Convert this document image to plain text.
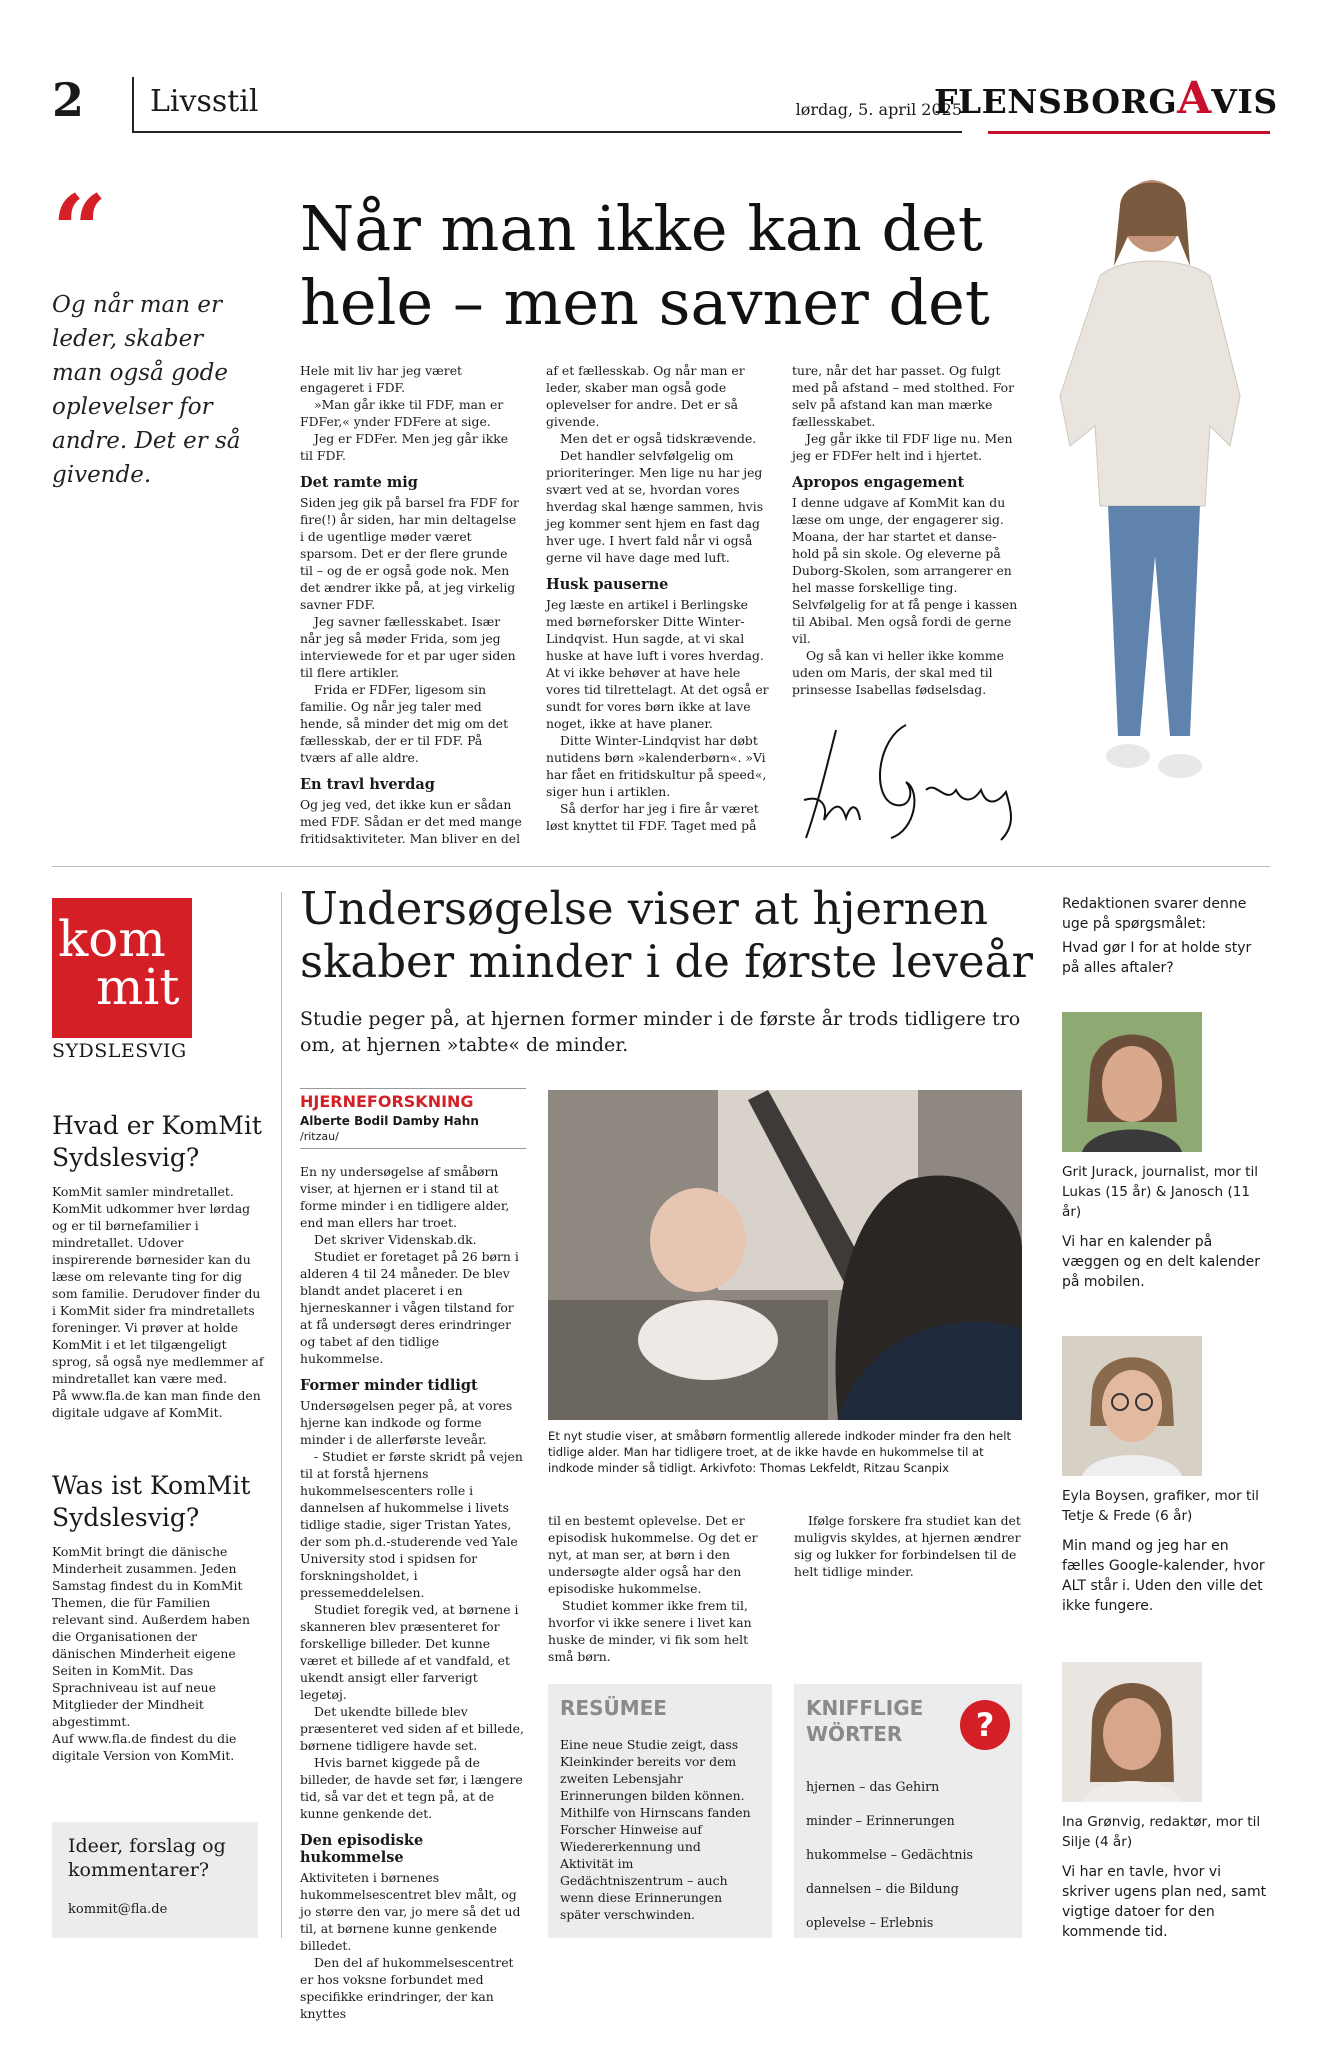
2 Livsstil	lørdag, 5. april 2025
FLENSBORGAVIS
“
Og når man er leder, skaber man også gode oplevelser for andre. Det er så givende.
Når man ikke kan det hele – men savner det

Hele mit liv har jeg været engageret i FDF.

»Man går ikke til FDF, man er FDFer,« ynder FDFere at sige.

Jeg er FDFer. Men jeg går ikke til FDF.

Det ramte mig

Siden jeg gik på barsel fra FDF for fire(!) år siden, har min deltagelse i de ugentlige møder været sparsom. Det er der flere grunde til – og de er også gode nok. Men det ændrer ikke på, at jeg virkelig savner FDF.

Jeg savner fællesskabet. Især når jeg så møder Frida, som jeg interviewede for et par uger siden til flere artikler.

Frida er FDFer, ligesom sin familie. Og når jeg taler med hende, så minder det mig om det fællesskab, der er til FDF. På tværs af alle aldre.

En travl hverdag

Og jeg ved, det ikke kun er sådan med FDF. Sådan er det med mange fritidsaktiviteter. Man bliver en del

af et fællesskab. Og når man er leder, skaber man også gode oplevelser for andre. Det er så givende.

Men det er også tidskrævende.

Det handler selvfølgelig om prioriteringer. Men lige nu har jeg svært ved at se, hvordan vores hverdag skal hænge sammen, hvis jeg kommer sent hjem en fast dag hver uge. I hvert fald når vi også gerne vil have dage med luft.

Husk pauserne

Jeg læste en artikel i Berlingske med børneforsker Ditte Winter-Lindqvist. Hun sagde, at vi skal huske at have luft i vores hverdag. At vi ikke behøver at have hele vores tid tilrettelagt. At det også er sundt for vores børn ikke at lave noget, ikke at have planer.

Ditte Winter-Lindqvist har døbt nutidens børn »kalenderbørn«. »Vi har fået en fritidskultur på speed«, siger hun i artiklen.

Så derfor har jeg i fire år været løst knyttet til FDF. Taget med på

ture, når det har passet. Og fulgt med på afstand – med stolthed. For selv på afstand kan man mærke fællesskabet.

Jeg går ikke til FDF lige nu. Men jeg er FDFer helt ind i hjertet.

Apropos engagement

I denne udgave af KomMit kan du læse om unge, der engagerer sig. Moana, der har startet et danse-hold på sin skole. Og eleverne på Duborg-Skolen, som arrangerer en hel masse forskellige ting. Selvfølgelig for at få penge i kassen til Abibal. Men også fordi de gerne vil.

Og så kan vi heller ikke komme uden om Maris, der skal med til prinsesse Isabellas fødselsdag.

kom
mit
SYDSLESVIG
Hvad er KomMit Sydslesvig?

KomMit samler mindretallet. KomMit udkommer hver lørdag og er til børnefamilier i mindretallet. Udover inspirerende børnesider kan du læse om relevante ting for dig som familie. Derudover finder du i KomMit sider fra mindretallets foreninger. Vi prøver at holde KomMit i et let tilgængeligt sprog, så også nye medlemmer af mindretallet kan være med.

På www.fla.de kan man finde den digitale udgave af KomMit.

Was ist KomMit Sydslesvig?

KomMit bringt die dänische Minderheit zusammen. Jeden Samstag findest du in KomMit Themen, die für Familien relevant sind. Außerdem haben die Organisationen der dänischen Minderheit eigene Seiten in KomMit. Das Sprachniveau ist auf neue Mitglieder der Mindheit abgestimmt.

Auf www.fla.de findest du die digitale Version von KomMit.

Ideer, forslag og kommentarer?
kommit@fla.de
Undersøgelse viser at hjernen skaber minder i de første leveår
Studie peger på, at hjernen former minder i de første år trods tidligere tro om, at hjernen »tabte« de minder.
HJERNEFORSKNING
Alberte Bodil Damby Hahn
/ritzau/

En ny undersøgelse af småbørn viser, at hjernen er i stand til at forme minder i en tidligere alder, end man ellers har troet.

Det skriver Videnskab.dk.

Studiet er foretaget på 26 børn i alderen 4 til 24 måneder. De blev blandt andet placeret i en hjerneskanner i vågen tilstand for at få undersøgt deres erindringer og tabet af den tidlige hukommelse.

Former minder tidligt

Undersøgelsen peger på, at vores hjerne kan indkode og forme minder i de allerførste leveår.

- Studiet er første skridt på vejen til at forstå hjernens hukommelsescenters rolle i dannelsen af hukommelse i livets tidlige stadie, siger Tristan Yates, der som ph.d.-studerende ved Yale University stod i spidsen for forskningsholdet, i pressemeddelelsen.

Studiet foregik ved, at børnene i skanneren blev præsenteret for forskellige billeder. Det kunne været et billede af et vandfald, et ukendt ansigt eller farverigt legetøj.

Det ukendte billede blev præsenteret ved siden af et billede, børnene tidligere havde set.

Hvis barnet kiggede på de billeder, de havde set før, i længere tid, så var det et tegn på, at de kunne genkende det.

Den episodiske hukommelse

Aktiviteten i børnenes hukommelsescentret blev målt, og jo større den var, jo mere så det ud til, at børnene kunne genkende billedet.

Den del af hukommelsescentret er hos voksne forbundet med specifikke erindringer, der kan knyttes

Et nyt studie viser, at småbørn formentlig allerede indkoder minder fra den helt tidlige alder. Man har tidligere troet, at de ikke havde en hukommelse til at indkode minder så tidligt. Arkivfoto: Thomas Lekfeldt, Ritzau Scanpix

til en bestemt oplevelse. Det er episodisk hukommelse. Og det er nyt, at man ser, at børn i den undersøgte alder også har den episodiske hukommelse.

Studiet kommer ikke frem til, hvorfor vi ikke senere i livet kan huske de minder, vi fik som helt små børn.

Ifølge forskere fra studiet kan det muligvis skyldes, at hjernen ændrer sig og lukker for forbindelsen til de helt tidlige minder.

RESÜMEE
Eine neue Studie zeigt, dass Kleinkinder bereits vor dem zweiten Lebensjahr Erinnerungen bilden können. Mithilfe von Hirnscans fanden Forscher Hinweise auf Wiedererkennung und Aktivität im Gedächtniszentrum – auch wenn diese Erinnerungen später verschwinden.
KNIFFLIGE
WÖRTER	?
hjernen – das Gehirn
minder – Erinnerungen
hukommelse – Gedächtnis
dannelsen – die Bildung
oplevelse – Erlebnis
Redaktionen svarer denne uge på spørgsmålet:
Hvad gør I for at holde styr på alles aftaler?
Grit Jurack, journalist, mor til Lukas (15 år) & Janosch (11 år)
Vi har en kalender på væggen og en delt kalender på mobilen.
Eyla Boysen, grafiker, mor til Tetje & Frede (6 år)
Min mand og jeg har en fælles Google-kalender, hvor ALT står i. Uden den ville det ikke fungere.
Ina Grønvig, redaktør, mor til Silje (4 år)
Vi har en tavle, hvor vi skriver ugens plan ned, samt vigtige datoer for den kommende tid.
